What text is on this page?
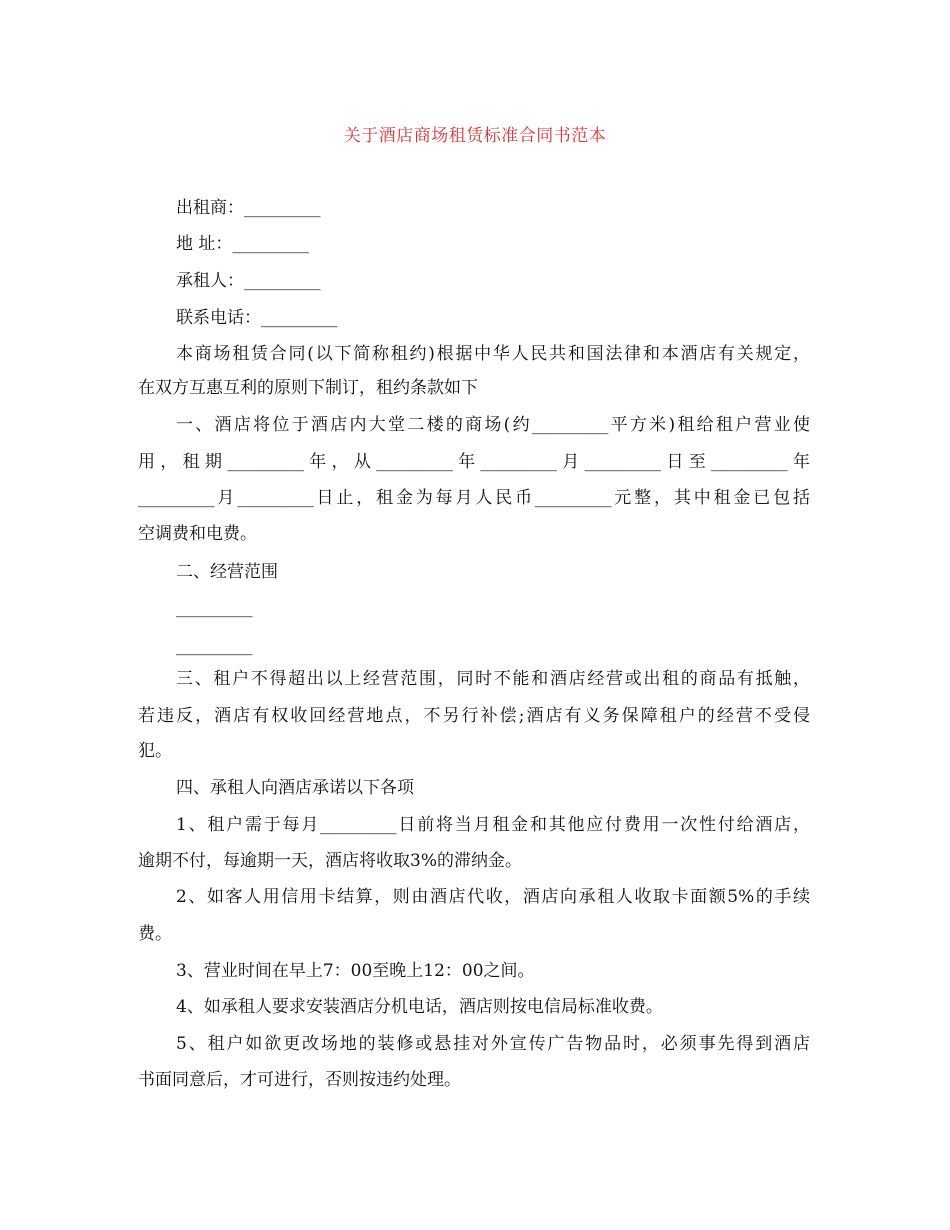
关于酒店商场租赁标准合同书范本
出租商：_________
地 址：_________
承租人：_________
联系电话：_________
本商场租赁合同(以下简称租约)根据中华人民共和国法律和本酒店有关规定，
在双方互惠互利的原则下制订，租约条款如下
一、酒店将位于酒店内大堂二楼的商场(约_________平方米)租给租户营业使
用，租期_________年，从_________年_________月_________日至_________年
_________月_________日止，租金为每月人民币_________元整，其中租金已包括
空调费和电费。
二、经营范围
_________
_________
三、租户不得超出以上经营范围，同时不能和酒店经营或出租的商品有抵触，
若违反，酒店有权收回经营地点，不另行补偿;酒店有义务保障租户的经营不受侵
犯。
四、承租人向酒店承诺以下各项
1、租户需于每月_________日前将当月租金和其他应付费用一次性付给酒店，
逾期不付，每逾期一天，酒店将收取3%的滞纳金。
2、如客人用信用卡结算，则由酒店代收，酒店向承租人收取卡面额5%的手续
费。
3、营业时间在早上7：00至晚上12：00之间。
4、如承租人要求安装酒店分机电话，酒店则按电信局标准收费。
5、租户如欲更改场地的装修或悬挂对外宣传广告物品时，必须事先得到酒店
书面同意后，才可进行，否则按违约处理。
